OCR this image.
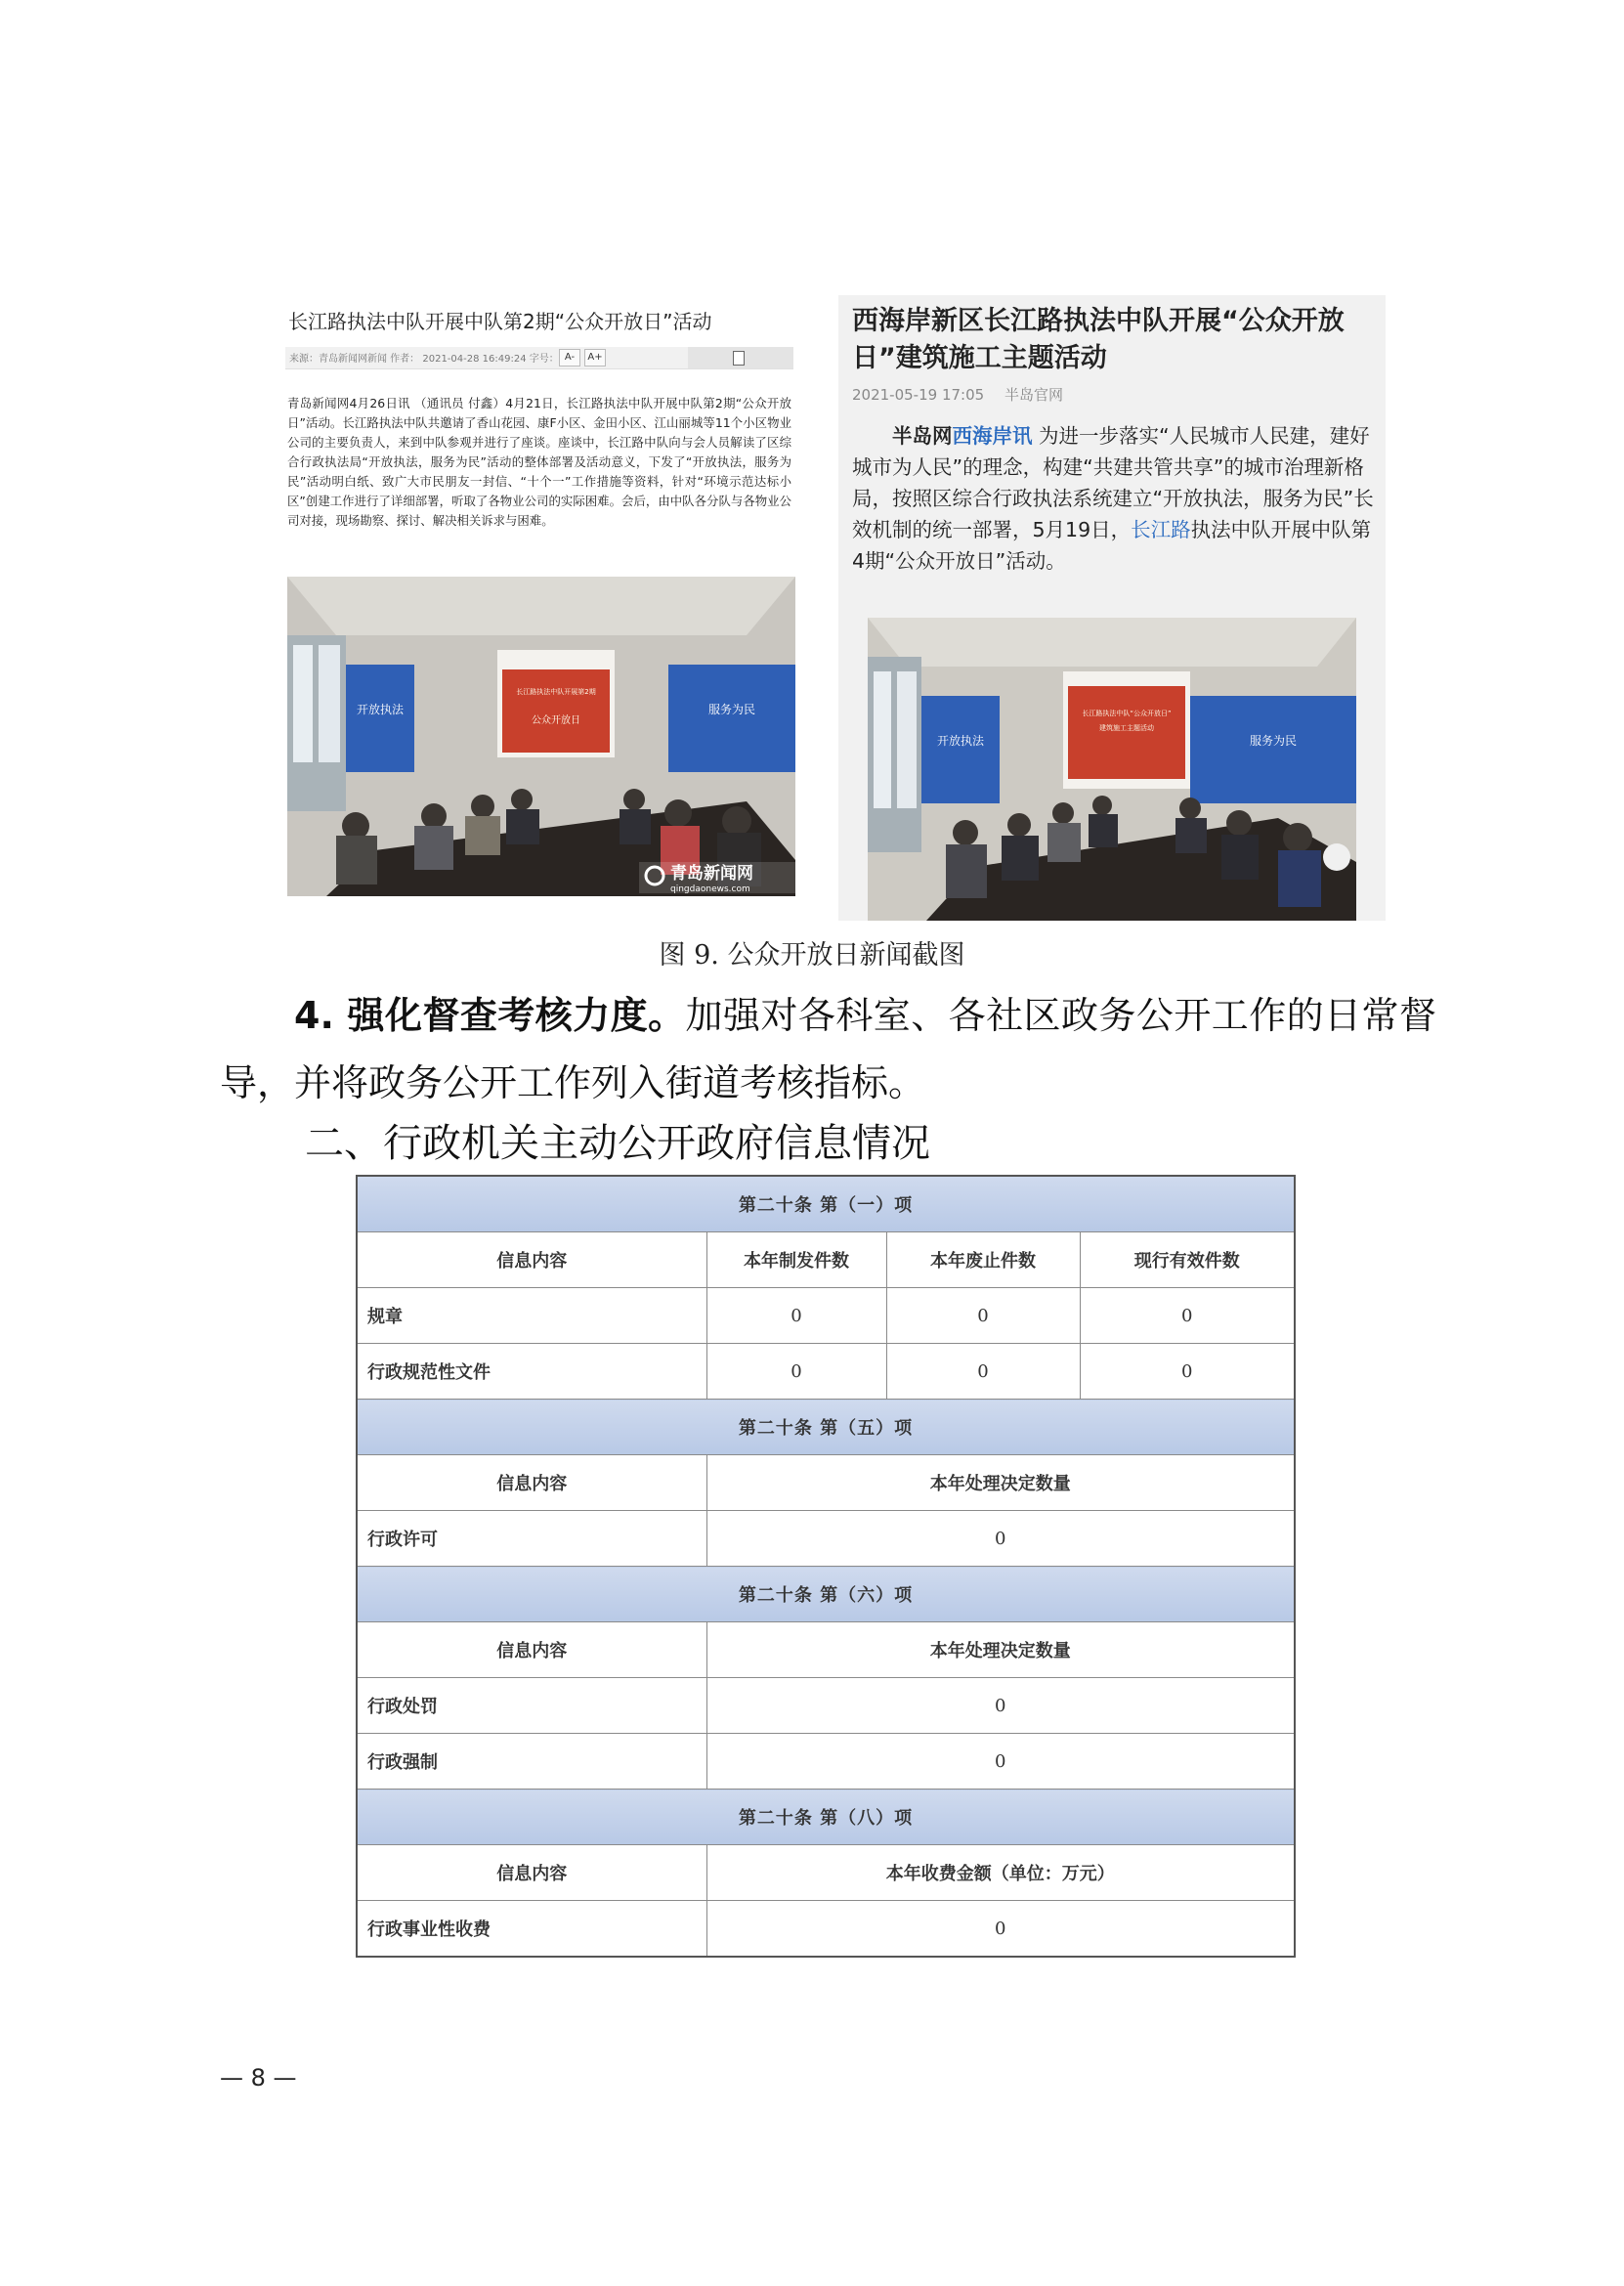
长江路执法中队开展中队第2期“公众开放日”活动
来源：青岛新闻网新闻 作者： 2021-04-28 16:49:24 字号： A-	A+
青岛新闻网4月26日讯 （通讯员 付鑫）4月21日，长江路执法中队开展中队第2期“公众开放日”活动。长江路执法中队共邀请了香山花园、康F小区、金田小区、江山丽城等11个小区物业公司的主要负责人，来到中队参观并进行了座谈。座谈中，长江路中队向与会人员解读了区综合行政执法局“开放执法，服务为民”活动的整体部署及活动意义，下发了“开放执法，服务为民”活动明白纸、致广大市民朋友一封信、“十个一”工作措施等资料，针对“环境示范达标小区”创建工作进行了详细部署，听取了各物业公司的实际困难。会后，由中队各分队与各物业公司对接，现场勘察、探讨、解决相关诉求与困难。
开放执法	服务为民
长江路执法中队开展第2期
公众开放日
青岛新闻网
qingdaonews.com
西海岸新区长江路执法中队开展“公众开放日”建筑施工主题活动
2021-05-19 17:05 半岛官网
半岛网西海岸讯 为进一步落实“人民城市人民建，建好城市为人民”的理念，构建“共建共管共享”的城市治理新格局，按照区综合行政执法系统建立“开放执法，服务为民”长效机制的统一部署，5月19日，长江路执法中队开展中队第4期“公众开放日”活动。
开放执法	服务为民
长江路执法中队“公众开放日”
建筑施工主题活动
图 9. 公众开放日新闻截图
4. 强化督查考核力度。加强对各科室、各社区政务公开工作的日常督导，并将政务公开工作列入街道考核指标。
二、行政机关主动公开政府信息情况
第二十条 第（一）项			
信息内容	本年制发件数	本年废止件数	现行有效件数
规章	0	0	0
行政规范性文件	0	0	0
第二十条 第（五）项			
信息内容	本年处理决定数量		
行政许可	0		
第二十条 第（六）项			
信息内容	本年处理决定数量		
行政处罚	0		
行政强制	0		
第二十条 第（八）项			
信息内容	本年收费金额（单位：万元）		
行政事业性收费	0		
— 8 —
